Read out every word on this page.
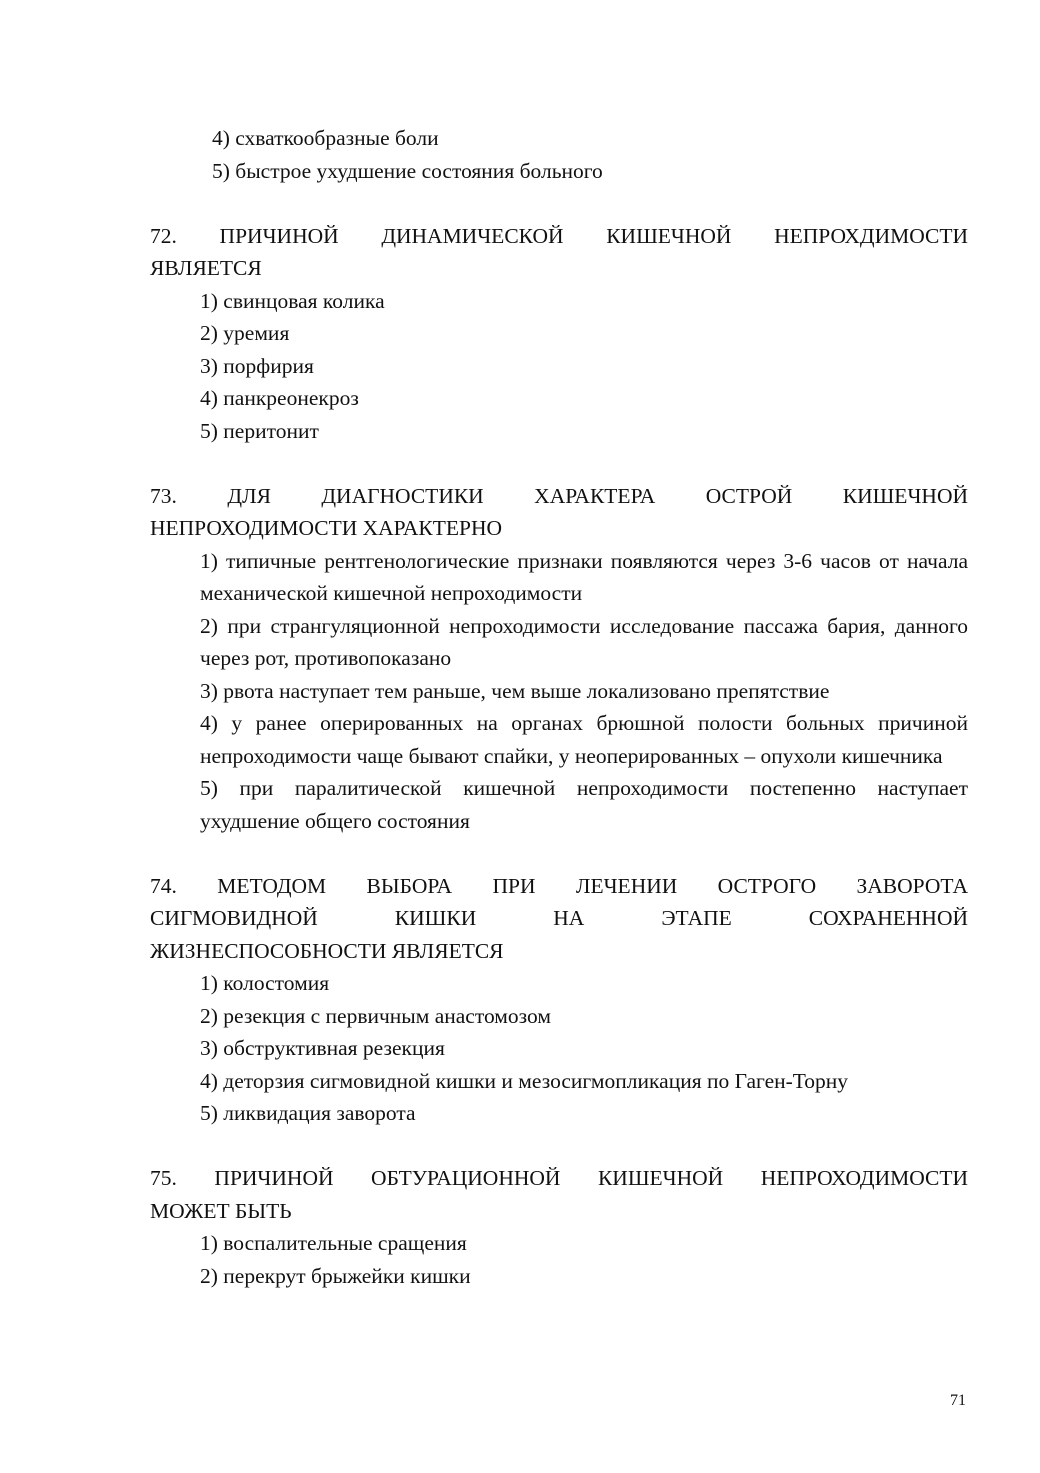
4) схваткообразные боли
5) быстрое ухудшение состояния больного
72. ПРИЧИНОЙ ДИНАМИЧЕСКОЙ КИШЕЧНОЙ НЕПРОХДИМОСТИ
ЯВЛЯЕТСЯ
1) свинцовая колика
2) уремия
3) порфирия
4) панкреонекроз
5) перитонит
73. ДЛЯ ДИАГНОСТИКИ ХАРАКТЕРА ОСТРОЙ КИШЕЧНОЙ
НЕПРОХОДИМОСТИ ХАРАКТЕРНО
1) типичные рентгенологические признаки появляются через 3-6 часов от начала механической кишечной непроходимости
2) при странгуляционной непроходимости исследование пассажа бария, данного через рот, противопоказано
3) рвота наступает тем раньше, чем выше локализовано препятствие
4) у ранее оперированных на органах брюшной полости больных причиной непроходимости чаще бывают спайки, у неоперированных – опухоли кишечника
5) при паралитической кишечной непроходимости постепенно наступает ухудшение общего состояния
74. МЕТОДОМ ВЫБОРА ПРИ ЛЕЧЕНИИ ОСТРОГО ЗАВОРОТА
СИГМОВИДНОЙ КИШКИ НА ЭТАПЕ СОХРАНЕННОЙ
ЖИЗНЕСПОСОБНОСТИ ЯВЛЯЕТСЯ
1) колостомия
2) резекция с первичным анастомозом
3) обструктивная резекция
4) деторзия сигмовидной кишки и мезосигмопликация по Гаген-Торну
5) ликвидация заворота
75. ПРИЧИНОЙ ОБТУРАЦИОННОЙ КИШЕЧНОЙ НЕПРОХОДИМОСТИ
МОЖЕТ БЫТЬ
1) воспалительные сращения
2) перекрут брыжейки кишки
71
